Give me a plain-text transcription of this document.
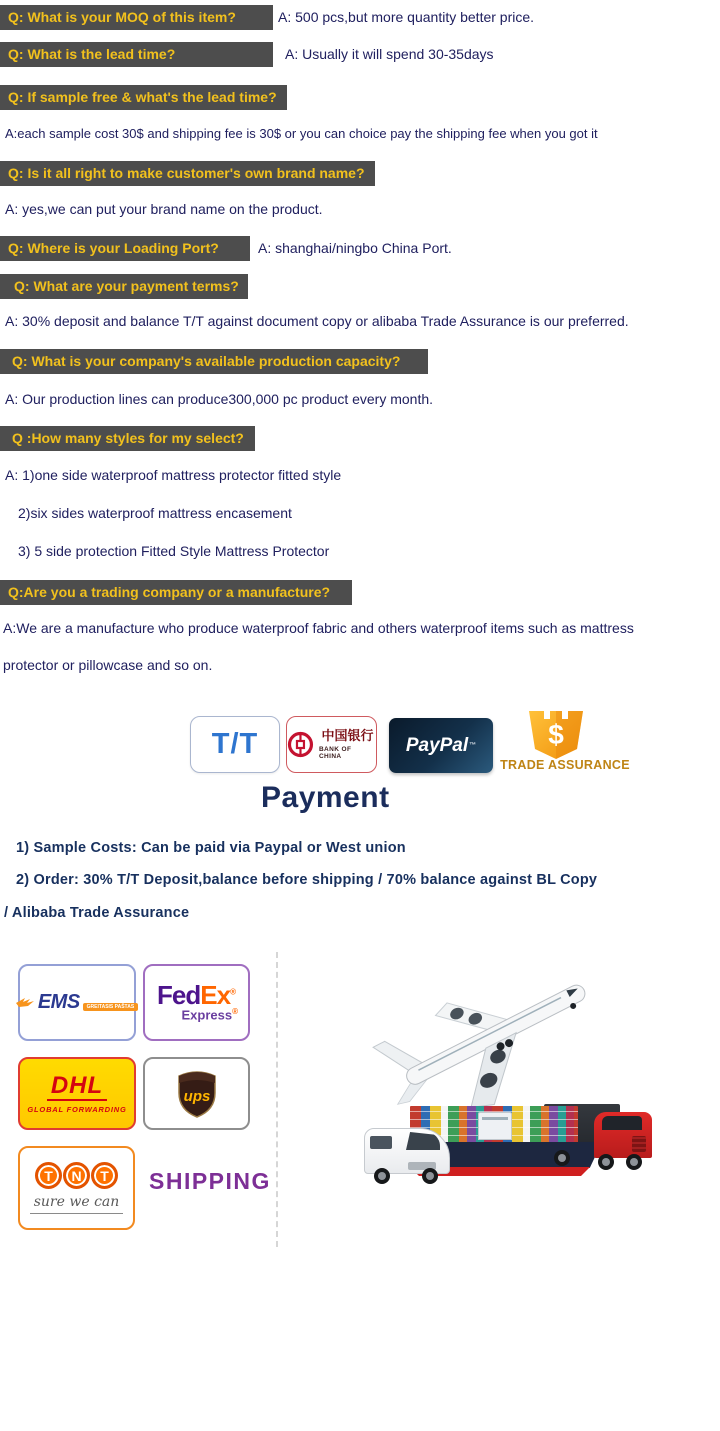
Q: What is your MOQ of this item?	A: 500 pcs,but more quantity better price.
Q: What is the lead time?	A: Usually it will spend 30-35days
Q: If sample free & what's the lead time?
A:each sample cost 30$ and shipping fee is 30$ or you can choice pay the shipping fee when you got it
Q: Is it all right to make customer's own brand name?
A: yes,we can put your brand name on the product.
Q: Where is your Loading Port?	A: shanghai/ningbo China Port.
Q: What are your payment terms?
A: 30% deposit and balance T/T against document copy or alibaba Trade Assurance is our preferred.
Q: What is your company's available production capacity?
A: Our production lines can produce300,000 pc product every month.
Q :How many styles for my select?
A: 1)one side waterproof mattress protector fitted style
2)six sides waterproof mattress encasement
3) 5 side protection Fitted Style Mattress Protector
Q:Are you a trading company or a manufacture?
A:We are a manufacture who produce waterproof fabric and others waterproof items such as mattress
protector or pillowcase and so on.
T/T	中国银行
BANK OF CHINA
PayPal ™	$
TRADE ASSURANCE
Payment
1) Sample Costs: Can be paid via Paypal or West union
2) Order: 30% T/T Deposit,balance before shipping / 70% balance against BL Copy
/ Alibaba Trade Assurance
EMS	GREITASIS PAŠTAS FedEx®
Express®
DHL
GLOBAL FORWARDING
ups
T	N	T
sure we can
SHIPPING
